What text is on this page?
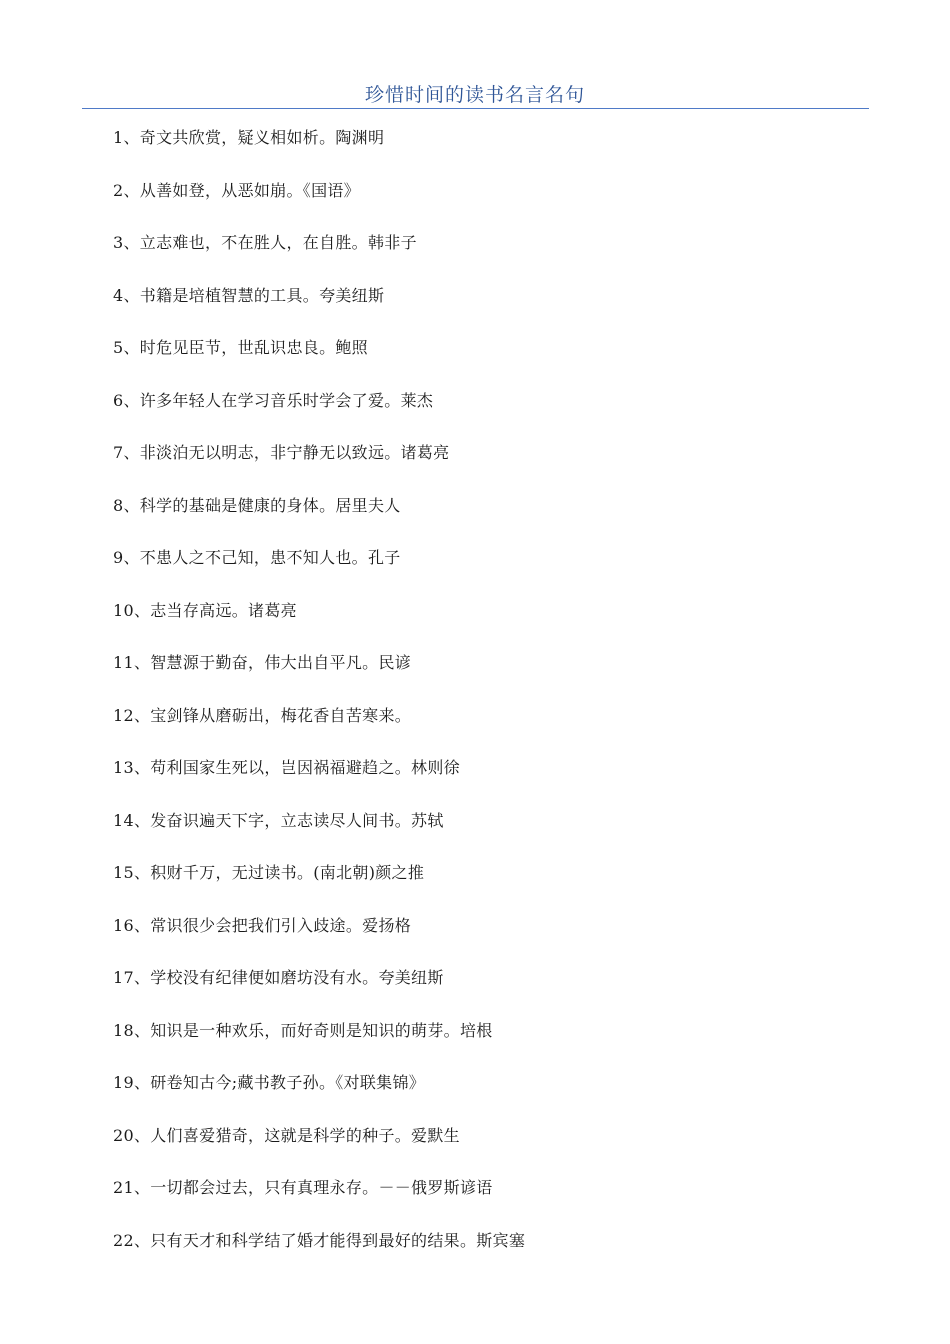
珍惜时间的读书名言名句
1、奇文共欣赏，疑义相如析。陶渊明
2、从善如登，从恶如崩。《国语》
3、立志难也，不在胜人，在自胜。韩非子
4、书籍是培植智慧的工具。夸美纽斯
5、时危见臣节，世乱识忠良。鲍照
6、许多年轻人在学习音乐时学会了爱。莱杰
7、非淡泊无以明志，非宁静无以致远。诸葛亮
8、科学的基础是健康的身体。居里夫人
9、不患人之不己知，患不知人也。孔子
10、志当存高远。诸葛亮
11、智慧源于勤奋，伟大出自平凡。民谚
12、宝剑锋从磨砺出，梅花香自苦寒来。
13、苟利国家生死以，岂因祸福避趋之。林则徐
14、发奋识遍天下字，立志读尽人间书。苏轼
15、积财千万，无过读书。(南北朝)颜之推
16、常识很少会把我们引入歧途。爱扬格
17、学校没有纪律便如磨坊没有水。夸美纽斯
18、知识是一种欢乐，而好奇则是知识的萌芽。培根
19、研卷知古今;藏书教子孙。《对联集锦》
20、人们喜爱猎奇，这就是科学的种子。爱默生
21、一切都会过去，只有真理永存。－－俄罗斯谚语
22、只有天才和科学结了婚才能得到最好的结果。斯宾塞
